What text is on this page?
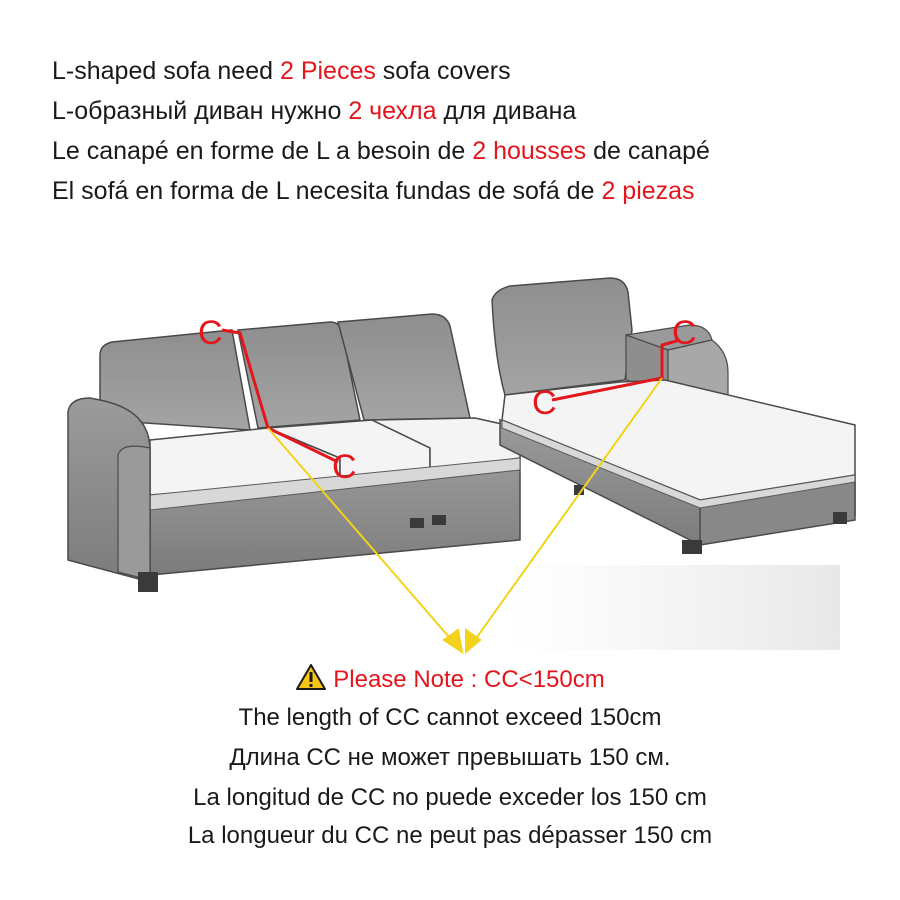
L-shaped sofa need 2 Pieces sofa covers
L-образный диван нужно 2 чехла для дивана
Le canapé en forme de L a besoin de 2 housses de canapé
El sofá en forma de L necesita fundas de sofá de 2 piezas
C
C
C
C
Please Note : CC<150cm
The length of CC cannot exceed 150cm
Длина CC не может превышать 150 см.
La longitud de CC no puede exceder los 150 cm
La longueur du CC ne peut pas dépasser 150 cm
